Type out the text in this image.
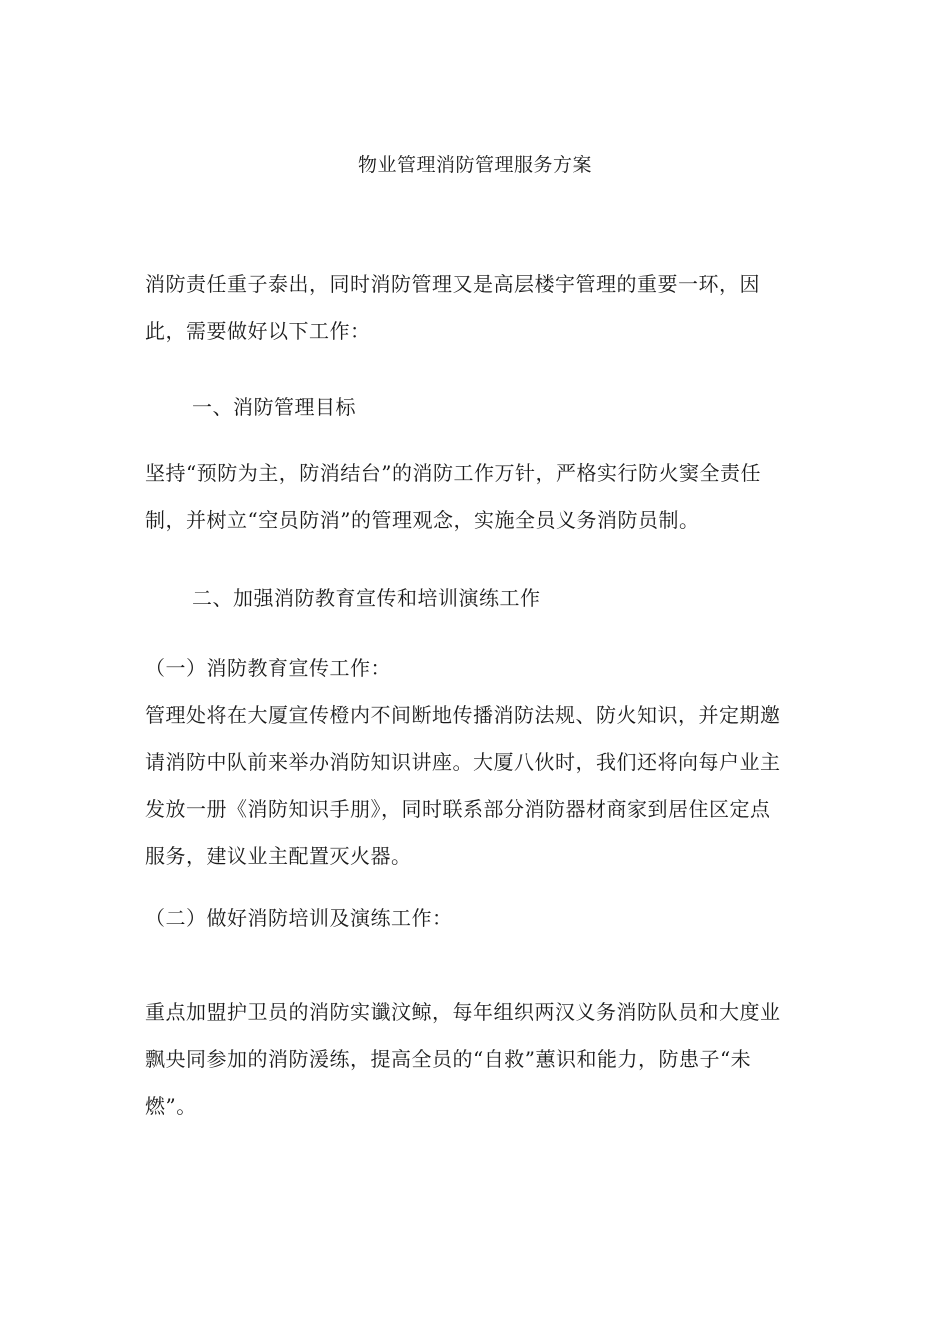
物业管理消防管理服务方案
消防责任重子泰出，同时消防管理又是高层楼宇管理的重要一环，因
此，需要做好以下工作：
一、消防管理目标
坚持“预防为主，防消结台”的消防工作万针，严格实行防火窦全责任
制，并树立“空员防消”的管理观念，实施全员义务消防员制。
二、加强消防教育宣传和培训演练工作
（一）消防教育宣传工作：
管理处将在大厦宣传橙内不间断地传播消防法规、防火知识，并定期邀
请消防中队前来举办消防知识讲座。大厦八伙时，我们还将向每户业主
发放一册《消防知识手朋》，同时联系部分消防器材商家到居住区定点
服务，建议业主配置灭火器。
（二）做好消防培训及演练工作：
重点加盟护卫员的消防实谶汶鲸，每年组织两汉义务消防队员和大度业
飘央同参加的消防湲练，提高全员的“自救”蕙识和能力，防患子“未
燃”。
